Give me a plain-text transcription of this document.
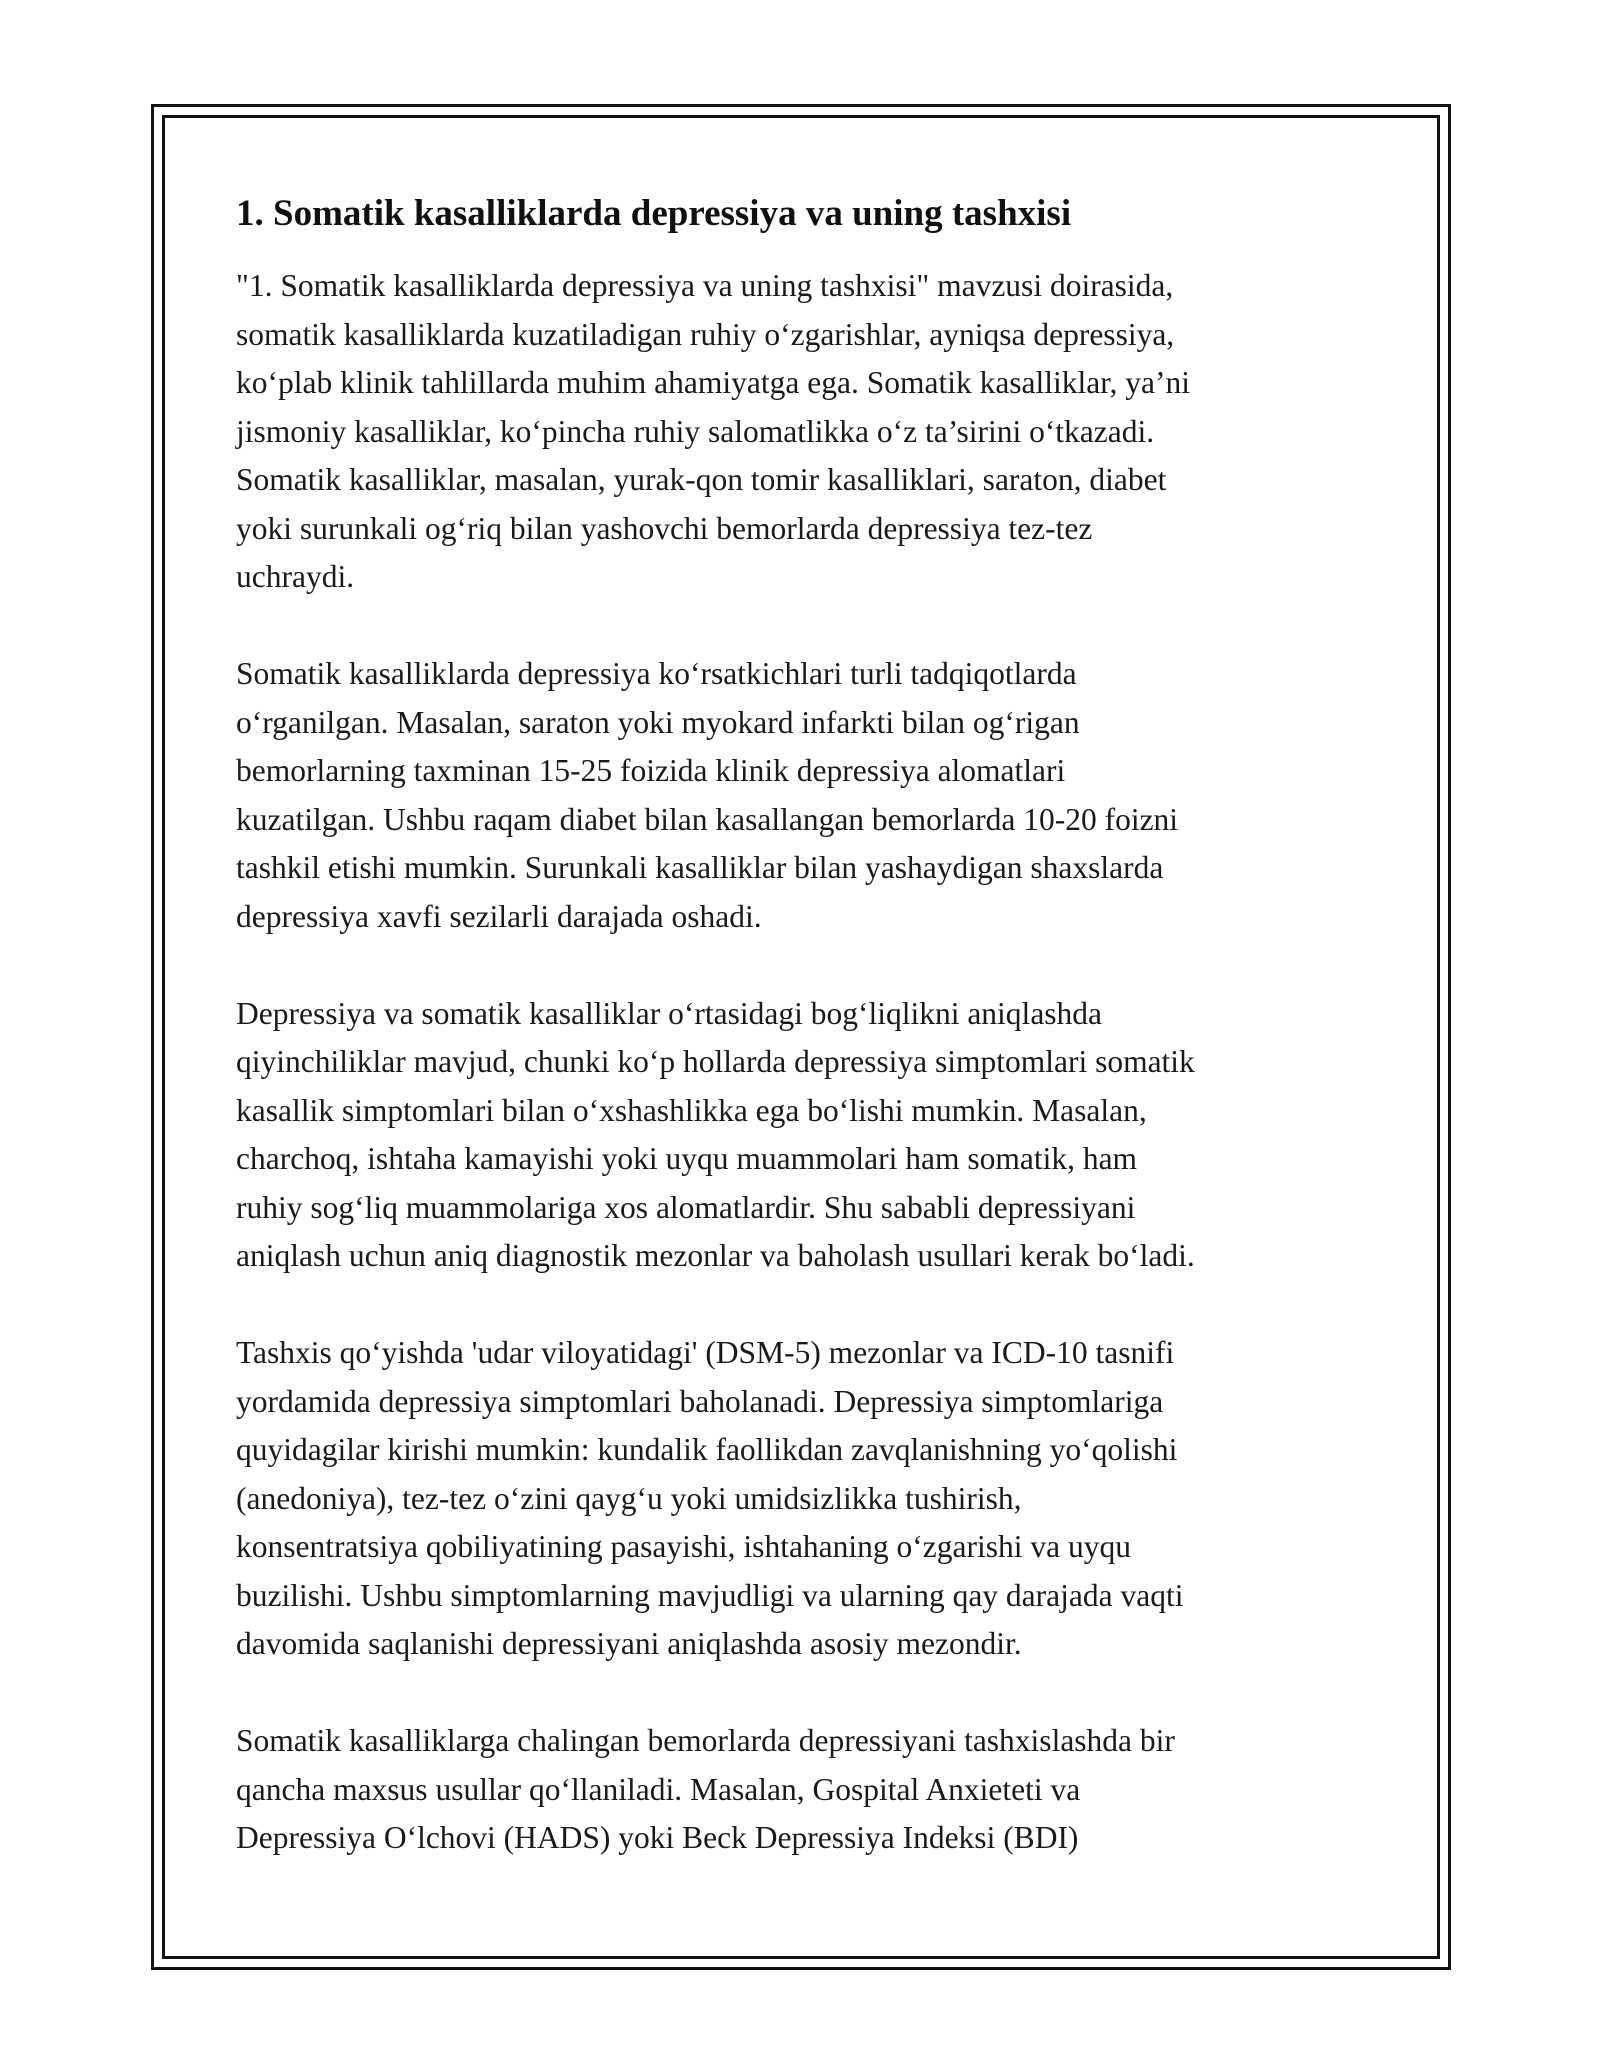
1. Somatik kasalliklarda depressiya va uning tashxisi

"1. Somatik kasalliklarda depressiya va uning tashxisi" mavzusi doirasida,
somatik kasalliklarda kuzatiladigan ruhiy o‘zgarishlar, ayniqsa depressiya,
ko‘plab klinik tahlillarda muhim ahamiyatga ega. Somatik kasalliklar, ya’ni
jismoniy kasalliklar, ko‘pincha ruhiy salomatlikka o‘z ta’sirini o‘tkazadi.
Somatik kasalliklar, masalan, yurak-qon tomir kasalliklari, saraton, diabet
yoki surunkali og‘riq bilan yashovchi bemorlarda depressiya tez-tez
uchraydi.

Somatik kasalliklarda depressiya ko‘rsatkichlari turli tadqiqotlarda
o‘rganilgan. Masalan, saraton yoki myokard infarkti bilan og‘rigan
bemorlarning taxminan 15-25 foizida klinik depressiya alomatlari
kuzatilgan. Ushbu raqam diabet bilan kasallangan bemorlarda 10-20 foizni
tashkil etishi mumkin. Surunkali kasalliklar bilan yashaydigan shaxslarda
depressiya xavfi sezilarli darajada oshadi.

Depressiya va somatik kasalliklar o‘rtasidagi bog‘liqlikni aniqlashda
qiyinchiliklar mavjud, chunki ko‘p hollarda depressiya simptomlari somatik
kasallik simptomlari bilan o‘xshashlikka ega bo‘lishi mumkin. Masalan,
charchoq, ishtaha kamayishi yoki uyqu muammolari ham somatik, ham
ruhiy sog‘liq muammolariga xos alomatlardir. Shu sababli depressiyani
aniqlash uchun aniq diagnostik mezonlar va baholash usullari kerak bo‘ladi.

Tashxis qo‘yishda 'udar viloyatidagi' (DSM-5) mezonlar va ICD-10 tasnifi
yordamida depressiya simptomlari baholanadi. Depressiya simptomlariga
quyidagilar kirishi mumkin: kundalik faollikdan zavqlanishning yo‘qolishi
(anedoniya), tez-tez o‘zini qayg‘u yoki umidsizlikka tushirish,
konsentratsiya qobiliyatining pasayishi, ishtahaning o‘zgarishi va uyqu
buzilishi. Ushbu simptomlarning mavjudligi va ularning qay darajada vaqti
davomida saqlanishi depressiyani aniqlashda asosiy mezondir.

Somatik kasalliklarga chalingan bemorlarda depressiyani tashxislashda bir
qancha maxsus usullar qo‘llaniladi. Masalan, Gospital Anxieteti va
Depressiya O‘lchovi (HADS) yoki Beck Depressiya Indeksi (BDI)
